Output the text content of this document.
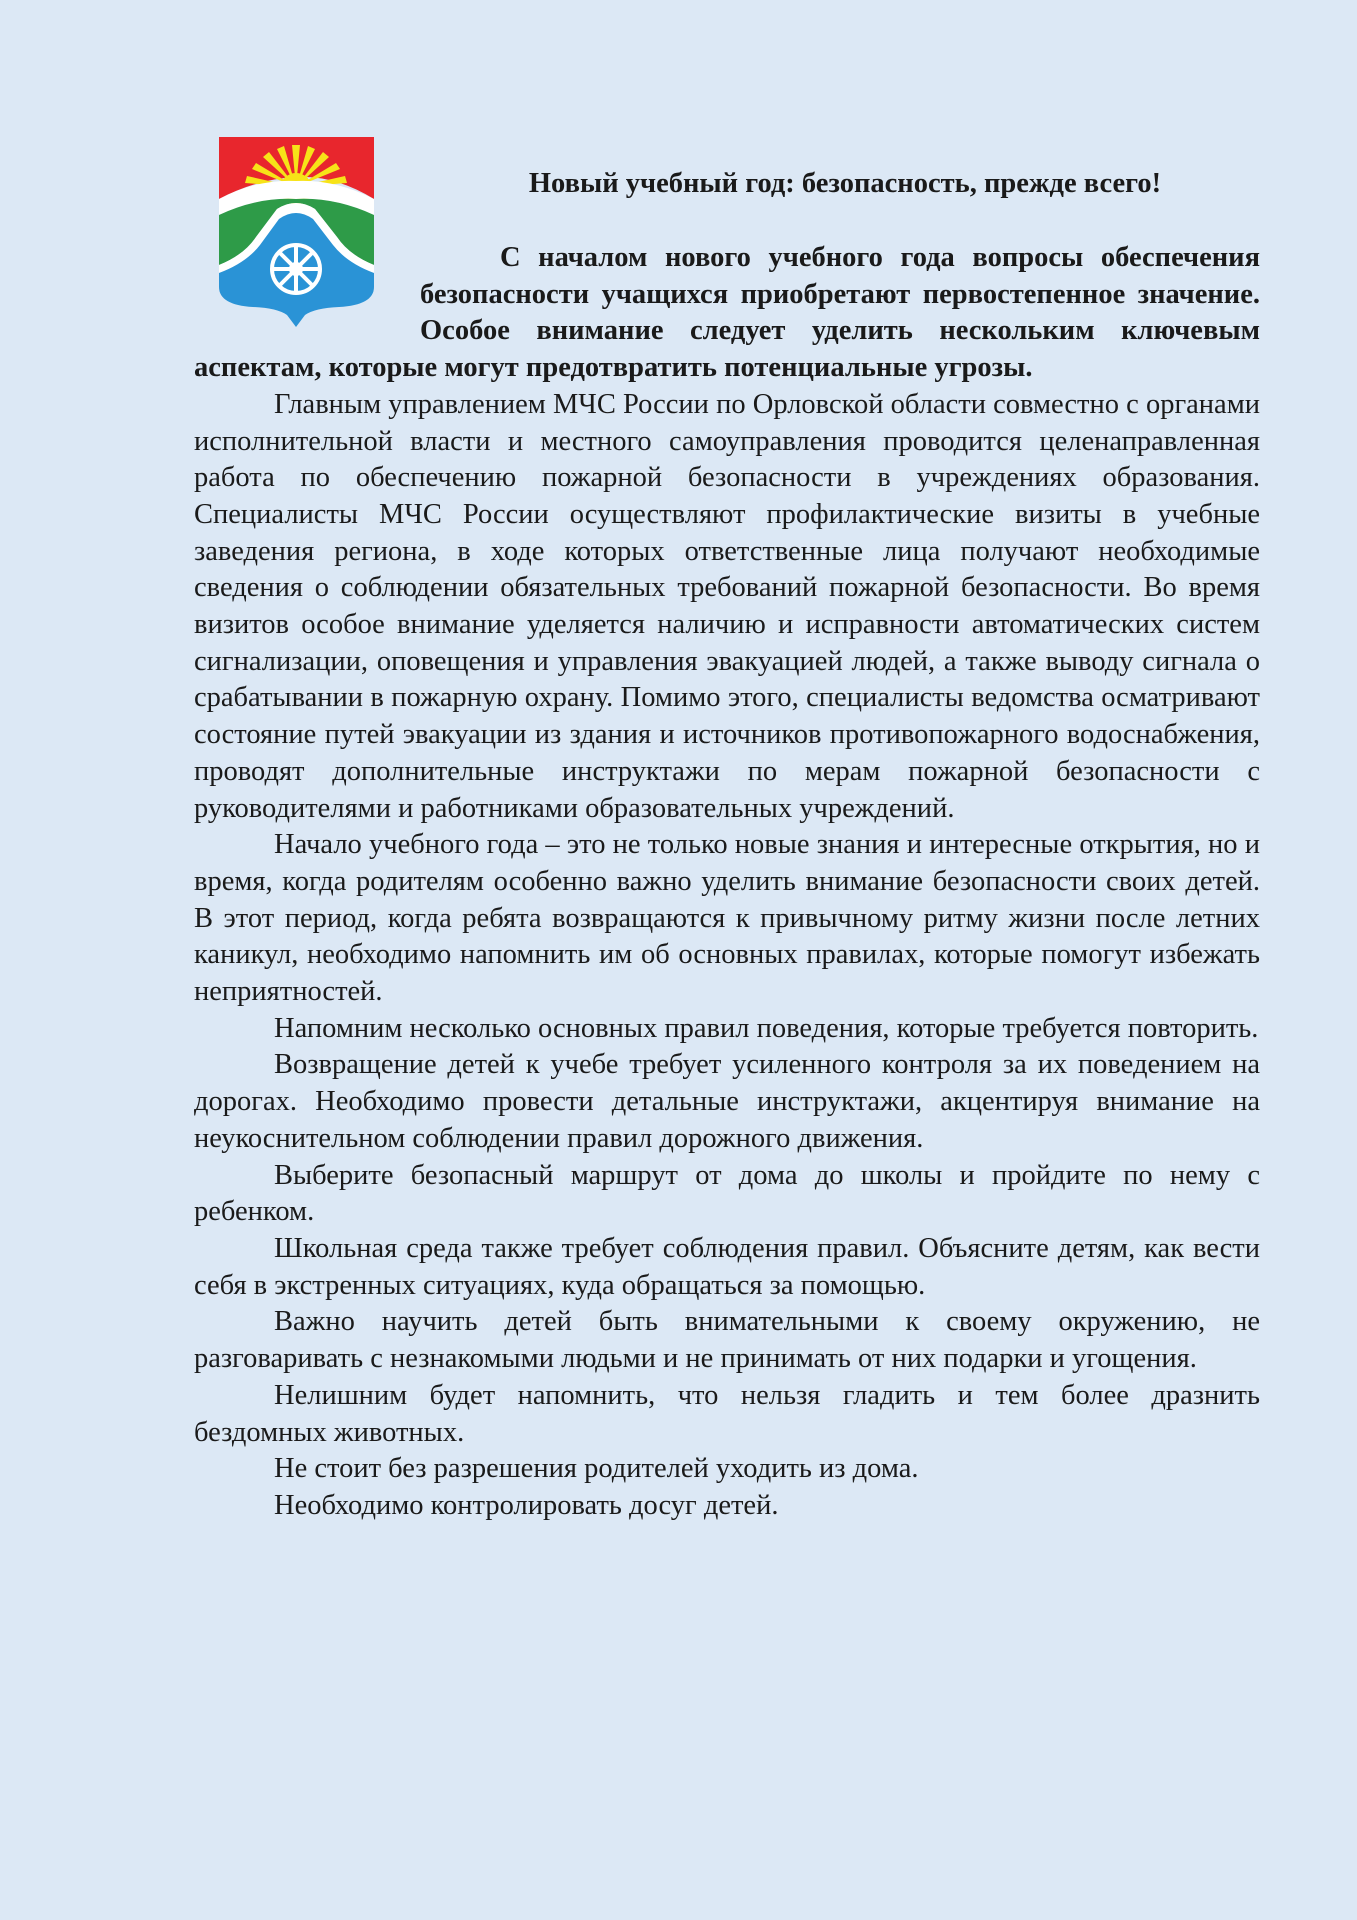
Новый учебный год: безопасность, прежде всего!

С началом нового учебного года вопросы обеспечения безопасности учащихся приобретают первостепенное значение. Особое внимание следует уделить нескольким ключевым аспектам, которые могут предотвратить потенциальные угрозы.

Главным управлением МЧС России по Орловской области совместно с органами исполнительной власти и местного самоуправления проводится целенаправленная работа по обеспечению пожарной безопасности в учреждениях образования. Специалисты МЧС России осуществляют профилактические визиты в учебные заведения региона, в ходе которых ответственные лица получают необходимые сведения о соблюдении обязательных требований пожарной безопасности. Во время визитов особое внимание уделяется наличию и исправности автоматических систем сигнализации, оповещения и управления эвакуацией людей, а также выводу сигнала о срабатывании в пожарную охрану. Помимо этого, специалисты ведомства осматривают состояние путей эвакуации из здания и источников противопожарного водоснабжения, проводят дополнительные инструктажи по мерам пожарной безопасности с руководителями и работниками образовательных учреждений.

Начало учебного года – это не только новые знания и интересные открытия, но и время, когда родителям особенно важно уделить внимание безопасности своих детей. В этот период, когда ребята возвращаются к привычному ритму жизни после летних каникул, необходимо напомнить им об основных правилах, которые помогут избежать неприятностей.

Напомним несколько основных правил поведения, которые требуется повторить.

Возвращение детей к учебе требует усиленного контроля за их поведением на дорогах. Необходимо провести детальные инструктажи, акцентируя внимание на неукоснительном соблюдении правил дорожного движения.

Выберите безопасный маршрут от дома до школы и пройдите по нему с ребенком.

Школьная среда также требует соблюдения правил. Объясните детям, как вести себя в экстренных ситуациях, куда обращаться за помощью.

Важно научить детей быть внимательными к своему окружению, не разговаривать с незнакомыми людьми и не принимать от них подарки и угощения.

Нелишним будет напомнить, что нельзя гладить и тем более дразнить бездомных животных.

Не стоит без разрешения родителей уходить из дома.

Необходимо контролировать досуг детей.
